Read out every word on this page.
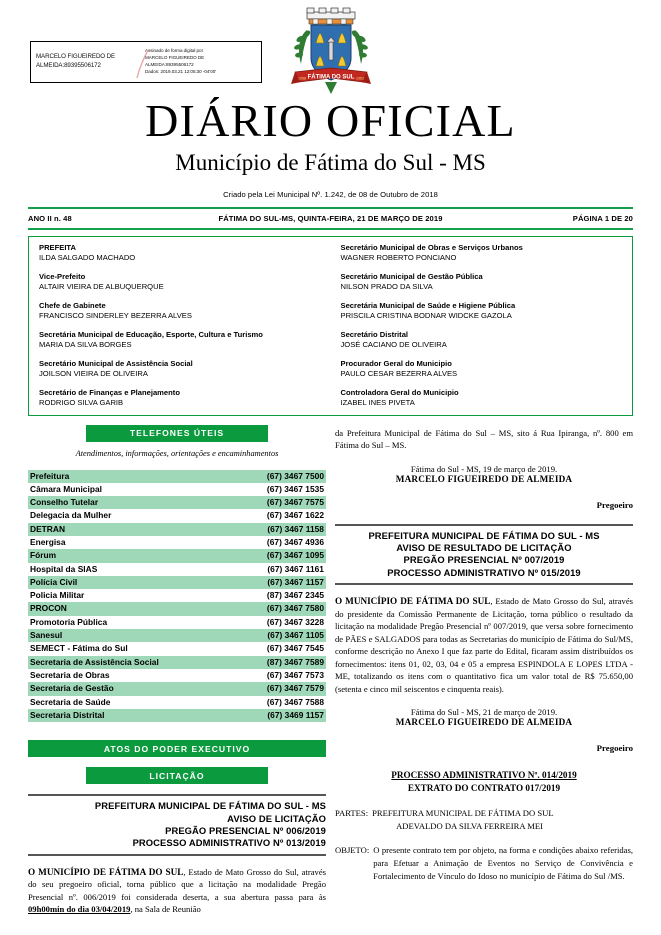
MARCELO FIGUEIREDO DE
ALMEIDA:89395506172
Assinado de forma digital por
MARCELO FIGUEIREDO DE
ALMEIDA:89395506172
Dados: 2019.03.21 12:05:30 -04'00'
FÁTIMA DO SUL
1958	1963
DIÁRIO OFICIAL
Município de Fátima do Sul - MS
Criado pela Lei Municipal Nº. 1.242, de 08 de Outubro de 2018
ANO II n. 48	FÁTIMA DO SUL-MS, QUINTA-FEIRA, 21 DE MARÇO DE 2019	PÁGINA 1 DE 20
PREFEITA
ILDA SALGADO MACHADO
Vice-Prefeito
ALTAIR VIEIRA DE ALBUQUERQUE
Chefe de Gabinete
FRANCISCO SINDERLEY BEZERRA ALVES
Secretária Municipal de Educação, Esporte, Cultura e Turismo
MARIA DA SILVA BORGES
Secretário Municipal de Assistência Social
JOILSON VIEIRA DE OLIVEIRA
Secretário de Finanças e Planejamento
RODRIGO SILVA GARIB
Secretário Municipal de Obras e Serviços Urbanos
WAGNER ROBERTO PONCIANO
Secretário Municipal de Gestão Pública
NILSON PRADO DA SILVA
Secretária Municipal de Saúde e Higiene Pública
PRISCILA CRISTINA BODNAR WIDCKE GAZOLA
Secretário Distrital
JOSÉ CACIANO DE OLIVEIRA
Procurador Geral do Municipio
PAULO CESAR BEZERRA ALVES
Controladora Geral do Municipio
IZABEL INES PIVETA
TELEFONES ÚTEIS
Atendimentos, informações, orientações e encaminhamentos
Prefeitura	(67) 3467 7500
Câmara Municipal	(67) 3467 1535
Conselho Tutelar	(67) 3467 7575
Delegacia da Mulher	(67) 3467 1622
DETRAN	(67) 3467 1158
Energisa	(67) 3467 4936
Fórum	(67) 3467 1095
Hospital da SIAS	(67) 3467 1161
Polícia Civil	(67) 3467 1157
Policia Militar	(87) 3467 2345
PROCON	(67) 3467 7580
Promotoria Pública	(67) 3467 3228
Sanesul	(67) 3467 1105
SEMECT - Fátima do Sul	(67) 3467 7545
Secretaria de Assistência Social	(87) 3467 7589
Secretaria de Obras	(67) 3467 7573
Secretaria de Gestão	(67) 3467 7579
Secretaria de Saúde	(67) 3467 7588
Secretaria Distrital	(67) 3469 1157
ATOS DO PODER EXECUTIVO
LICITAÇÃO
PREFEITURA MUNICIPAL DE FÁTIMA DO SUL - MS
AVISO DE LICITAÇÃO
PREGÃO PRESENCIAL Nº 006/2019
PROCESSO ADMINISTRATIVO Nº 013/2019

O MUNICÍPIO DE FÁTIMA DO SUL, Estado de Mato Grosso do Sul, através do seu pregoeiro oficial, torna público que a licitação na modalidade Pregão Presencial nº. 006/2019 foi considerada deserta, a sua abertura passa para às 09h00min do dia 03/04/2019, na Sala de Reunião

da Prefeitura Municipal de Fátima do Sul – MS, sito á Rua Ipiranga, nº. 800 em Fátima do Sul – MS.

Fátima do Sul - MS, 19 de março de 2019.
MARCELO FIGUEIREDO DE ALMEIDA
Pregoeiro
PREFEITURA MUNICIPAL DE FÁTIMA DO SUL - MS
AVISO DE RESULTADO DE LICITAÇÃO
PREGÃO PRESENCIAL Nº 007/2019
PROCESSO ADMINISTRATIVO Nº 015/2019

O MUNICÍPIO DE FÁTIMA DO SUL, Estado de Mato Grosso do Sul, através do presidente da Comissão Permanente de Licitação, torna público o resultado da licitação na modalidade Pregão Presencial nº 007/2019, que versa sobre fornecimento de PÃES e SALGADOS para todas as Secretarias do município de Fátima do Sul/MS, conforme descrição no Anexo I que faz parte do Edital, ficaram assim distribuídos os fornecimentos: itens 01, 02, 03, 04 e 05 a empresa ESPINDOLA E LOPES LTDA - ME, totalizando os itens com o quantitativo fica um valor total de R$ 75.650,00 (setenta e cinco mil seiscentos e cinquenta reais).

Fátima do Sul - MS, 21 de março de 2019.
MARCELO FIGUEIREDO DE ALMEIDA
Pregoeiro
PROCESSO ADMINISTRATIVO Nº. 014/2019
EXTRATO DO CONTRATO 017/2019
PARTES: PREFEITURA MUNICIPAL DE FÁTIMA DO SUL
ADEVALDO DA SILVA FERREIRA MEI
OBJETO: O presente contrato tem por objeto, na forma e condições abaixo referidas, para Efetuar a Animação de Eventos no Serviço de Convivência e Fortalecimento de Vínculo do Idoso no município de Fátima do Sul /MS.
